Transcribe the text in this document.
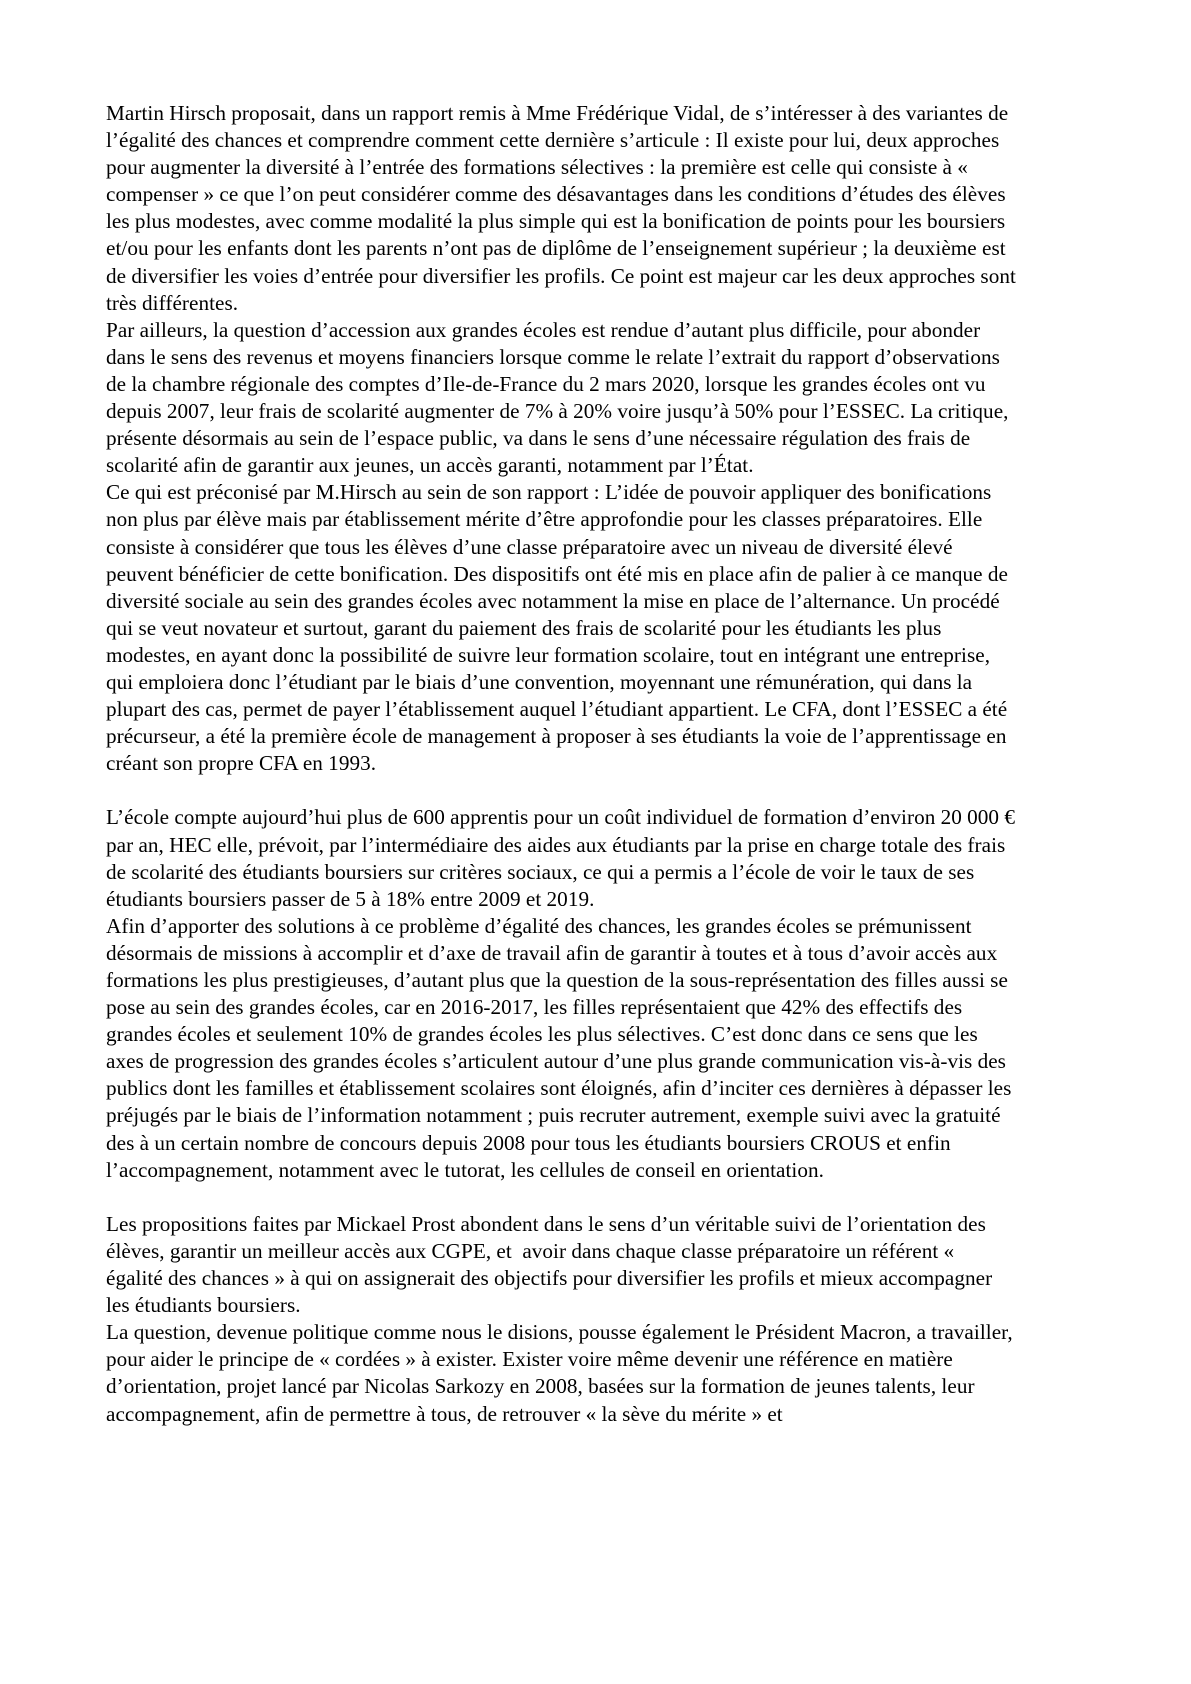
Martin Hirsch proposait, dans un rapport remis à Mme Frédérique Vidal, de s’intéresser à des variantes de l’égalité des chances et comprendre comment cette dernière s’articule : Il existe pour lui, deux approches pour augmenter la diversité à l’entrée des formations sélectives : la première est celle qui consiste à « compenser » ce que l’on peut considérer comme des désavantages dans les conditions d’études des élèves les plus modestes, avec comme modalité la plus simple qui est la bonification de points pour les boursiers et/ou pour les enfants dont les parents n’ont pas de diplôme de l’enseignement supérieur ; la deuxième est de diversifier les voies d’entrée pour diversifier les profils. Ce point est majeur car les deux approches sont très différentes.

Par ailleurs, la question d’accession aux grandes écoles est rendue d’autant plus difficile, pour abonder dans le sens des revenus et moyens financiers lorsque comme le relate l’extrait du rapport d’observations de la chambre régionale des comptes d’Ile-de-France du 2 mars 2020, lorsque les grandes écoles ont vu depuis 2007, leur frais de scolarité augmenter de 7% à 20% voire jusqu’à 50% pour l’ESSEC. La critique, présente désormais au sein de l’espace public, va dans le sens d’une nécessaire régulation des frais de scolarité afin de garantir aux jeunes, un accès garanti, notamment par l’État.

Ce qui est préconisé par M.Hirsch au sein de son rapport : L’idée de pouvoir appliquer des bonifications non plus par élève mais par établissement mérite d’être approfondie pour les classes préparatoires. Elle consiste à considérer que tous les élèves d’une classe préparatoire avec un niveau de diversité élevé peuvent bénéficier de cette bonification. Des dispositifs ont été mis en place afin de palier à ce manque de diversité sociale au sein des grandes écoles avec notamment la mise en place de l’alternance. Un procédé qui se veut novateur et surtout, garant du paiement des frais de scolarité pour les étudiants les plus modestes, en ayant donc la possibilité de suivre leur formation scolaire, tout en intégrant une entreprise, qui emploiera donc l’étudiant par le biais d’une convention, moyennant une rémunération, qui dans la plupart des cas, permet de payer l’établissement auquel l’étudiant appartient. Le CFA, dont l’ESSEC a été précurseur, a été la première école de management à proposer à ses étudiants la voie de l’apprentissage en créant son propre CFA en 1993.

L’école compte aujourd’hui plus de 600 apprentis pour un coût individuel de formation d’environ 20 000 € par an, HEC elle, prévoit, par l’intermédiaire des aides aux étudiants par la prise en charge totale des frais de scolarité des étudiants boursiers sur critères sociaux, ce qui a permis a l’école de voir le taux de ses étudiants boursiers passer de 5 à 18% entre 2009 et 2019.

Afin d’apporter des solutions à ce problème d’égalité des chances, les grandes écoles se prémunissent désormais de missions à accomplir et d’axe de travail afin de garantir à toutes et à tous d’avoir accès aux formations les plus prestigieuses, d’autant plus que la question de la sous-représentation des filles aussi se pose au sein des grandes écoles, car en 2016-2017, les filles représentaient que 42% des effectifs des grandes écoles et seulement 10% de grandes écoles les plus sélectives. C’est donc dans ce sens que les axes de progression des grandes écoles s’articulent autour d’une plus grande communication vis-à-vis des publics dont les familles et établissement scolaires sont éloignés, afin d’inciter ces dernières à dépasser les préjugés par le biais de l’information notamment ; puis recruter autrement, exemple suivi avec la gratuité des à un certain nombre de concours depuis 2008 pour tous les étudiants boursiers CROUS et enfin l’accompagnement, notamment avec le tutorat, les cellules de conseil en orientation.

Les propositions faites par Mickael Prost abondent dans le sens d’un véritable suivi de l’orientation des élèves, garantir un meilleur accès aux CGPE, et  avoir dans chaque classe préparatoire un référent « égalité des chances » à qui on assignerait des objectifs pour diversifier les profils et mieux accompagner les étudiants boursiers.

La question, devenue politique comme nous le disions, pousse également le Président Macron, a travailler, pour aider le principe de « cordées » à exister. Exister voire même devenir une référence en matière d’orientation, projet lancé par Nicolas Sarkozy en 2008, basées sur la formation de jeunes talents, leur accompagnement, afin de permettre à tous, de retrouver « la sève du mérite » et
